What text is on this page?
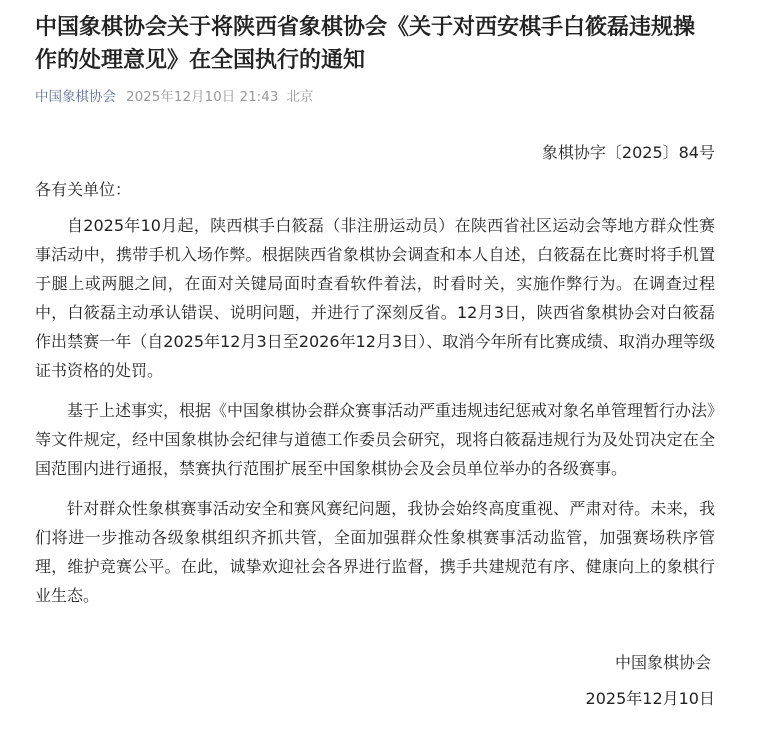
中国象棋协会关于将陕西省象棋协会《关于对西安棋手白筱磊违规操作的处理意见》在全国执行的通知
中国象棋协会 2025年12月10日 21:43 北京
象棋协字〔2025〕84号
各有关单位：

自2025年10月起，陕西棋手白筱磊（非注册运动员）在陕西省社区运动会等地方群众性赛事活动中，携带手机入场作弊。根据陕西省象棋协会调查和本人自述，白筱磊在比赛时将手机置于腿上或两腿之间，在面对关键局面时查看软件着法，时看时关，实施作弊行为。在调查过程中，白筱磊主动承认错误、说明问题，并进行了深刻反省。12月3日，陕西省象棋协会对白筱磊作出禁赛一年（自2025年12月3日至2026年12月3日）、取消今年所有比赛成绩、取消办理等级证书资格的处罚。

基于上述事实，根据《中国象棋协会群众赛事活动严重违规违纪惩戒对象名单管理暂行办法》等文件规定，经中国象棋协会纪律与道德工作委员会研究，现将白筱磊违规行为及处罚决定在全国范围内进行通报，禁赛执行范围扩展至中国象棋协会及会员单位举办的各级赛事。

针对群众性象棋赛事活动安全和赛风赛纪问题，我协会始终高度重视、严肃对待。未来，我们将进一步推动各级象棋组织齐抓共管，全面加强群众性象棋赛事活动监管，加强赛场秩序管理，维护竞赛公平。在此，诚挚欢迎社会各界进行监督，携手共建规范有序、健康向上的象棋行业生态。

中国象棋协会
2025年12月10日
